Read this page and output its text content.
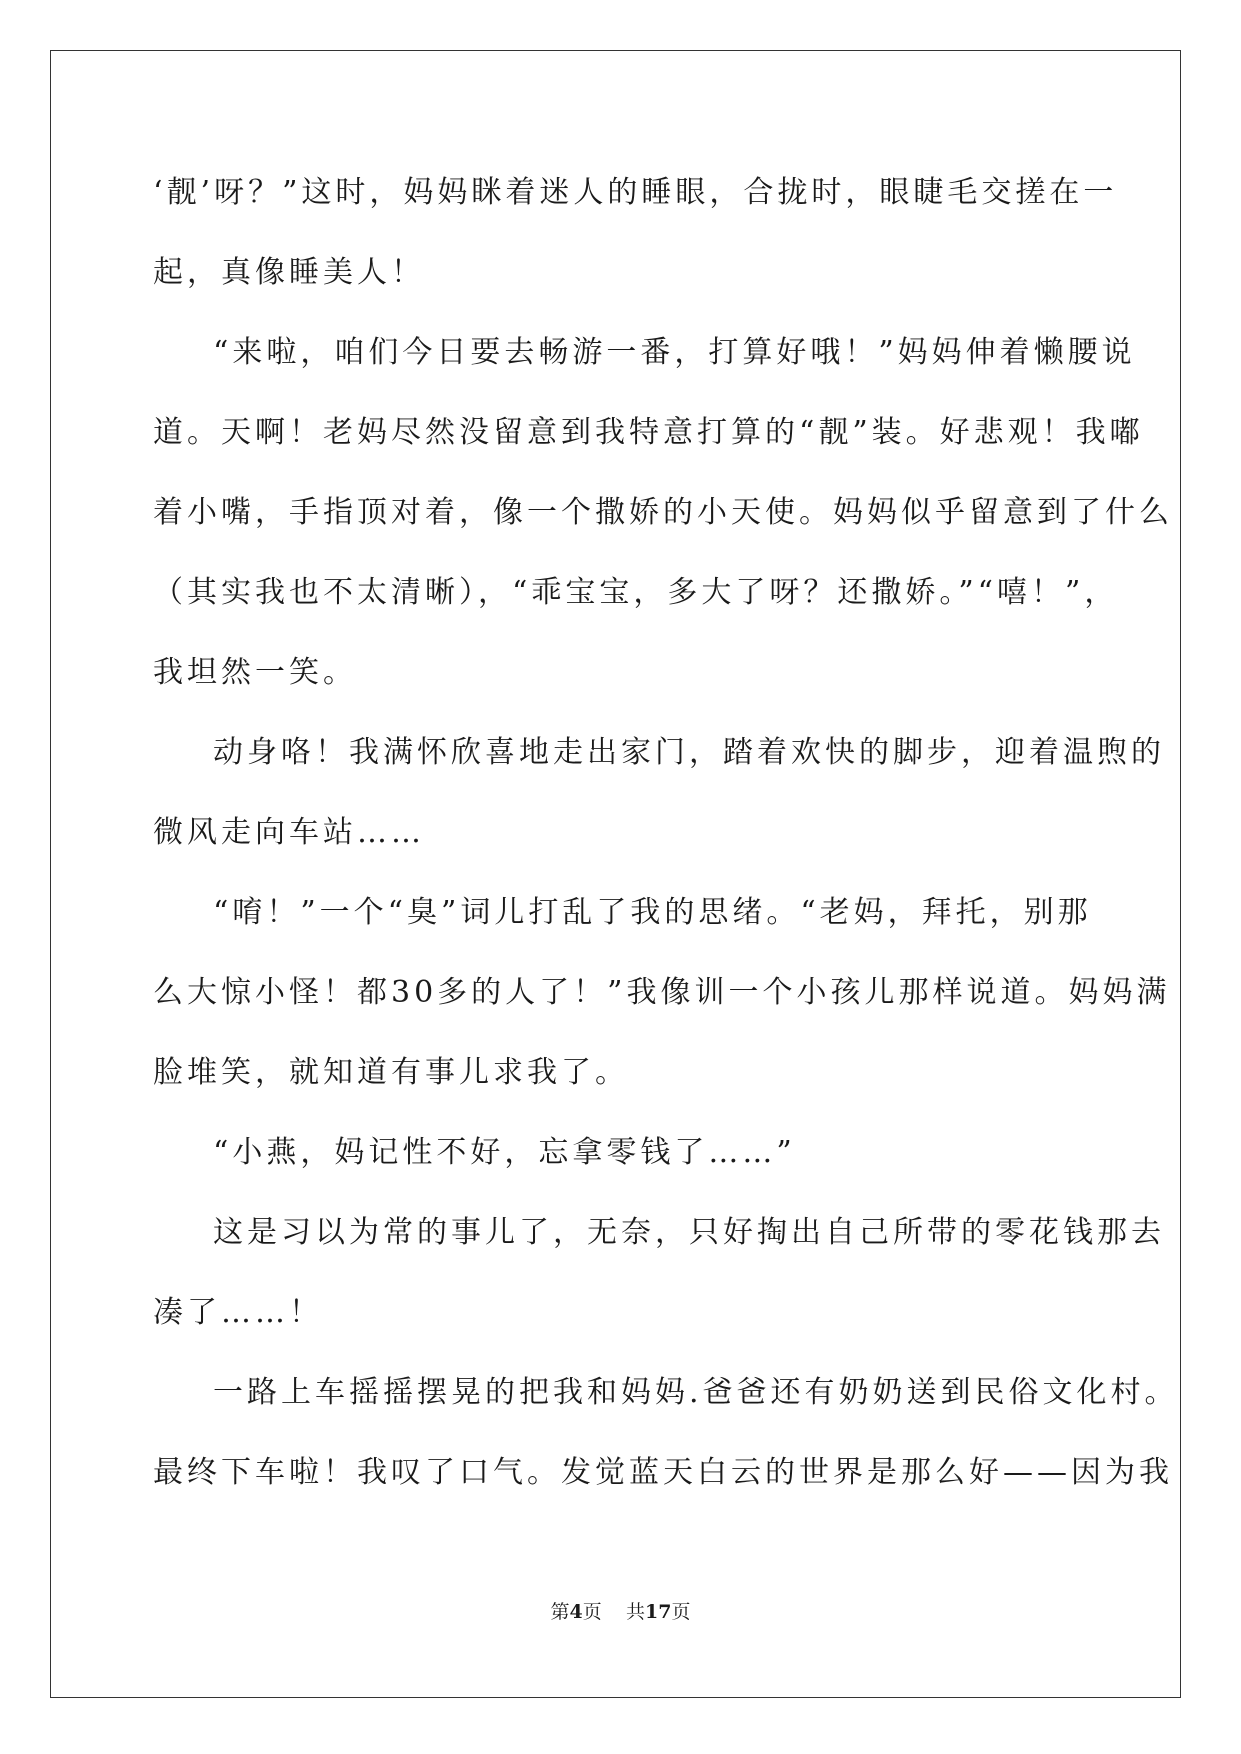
‘靓’呀？”这时，妈妈眯着迷人的睡眼，合拢时，眼睫毛交搓在一
起，真像睡美人！
“来啦，咱们今日要去畅游一番，打算好哦！”妈妈伸着懒腰说
道。天啊！老妈尽然没留意到我特意打算的“靓”装。好悲观！我嘟
着小嘴，手指顶对着，像一个撒娇的小天使。妈妈似乎留意到了什么
（其实我也不太清晰），“乖宝宝，多大了呀？还撒娇。”“嘻！”，
我坦然一笑。
动身咯！我满怀欣喜地走出家门，踏着欢快的脚步，迎着温煦的
微风走向车站……
“唷！”一个“臭”词儿打乱了我的思绪。“老妈，拜托，别那
么大惊小怪！都30多的人了！”我像训一个小孩儿那样说道。妈妈满
脸堆笑，就知道有事儿求我了。
“小燕，妈记性不好，忘拿零钱了……”
这是习以为常的事儿了，无奈，只好掏出自己所带的零花钱那去
凑了……！
一路上车摇摇摆晃的把我和妈妈.爸爸还有奶奶送到民俗文化村。
最终下车啦！我叹了口气。发觉蓝天白云的世界是那么好——因为我
第4页 共17页
